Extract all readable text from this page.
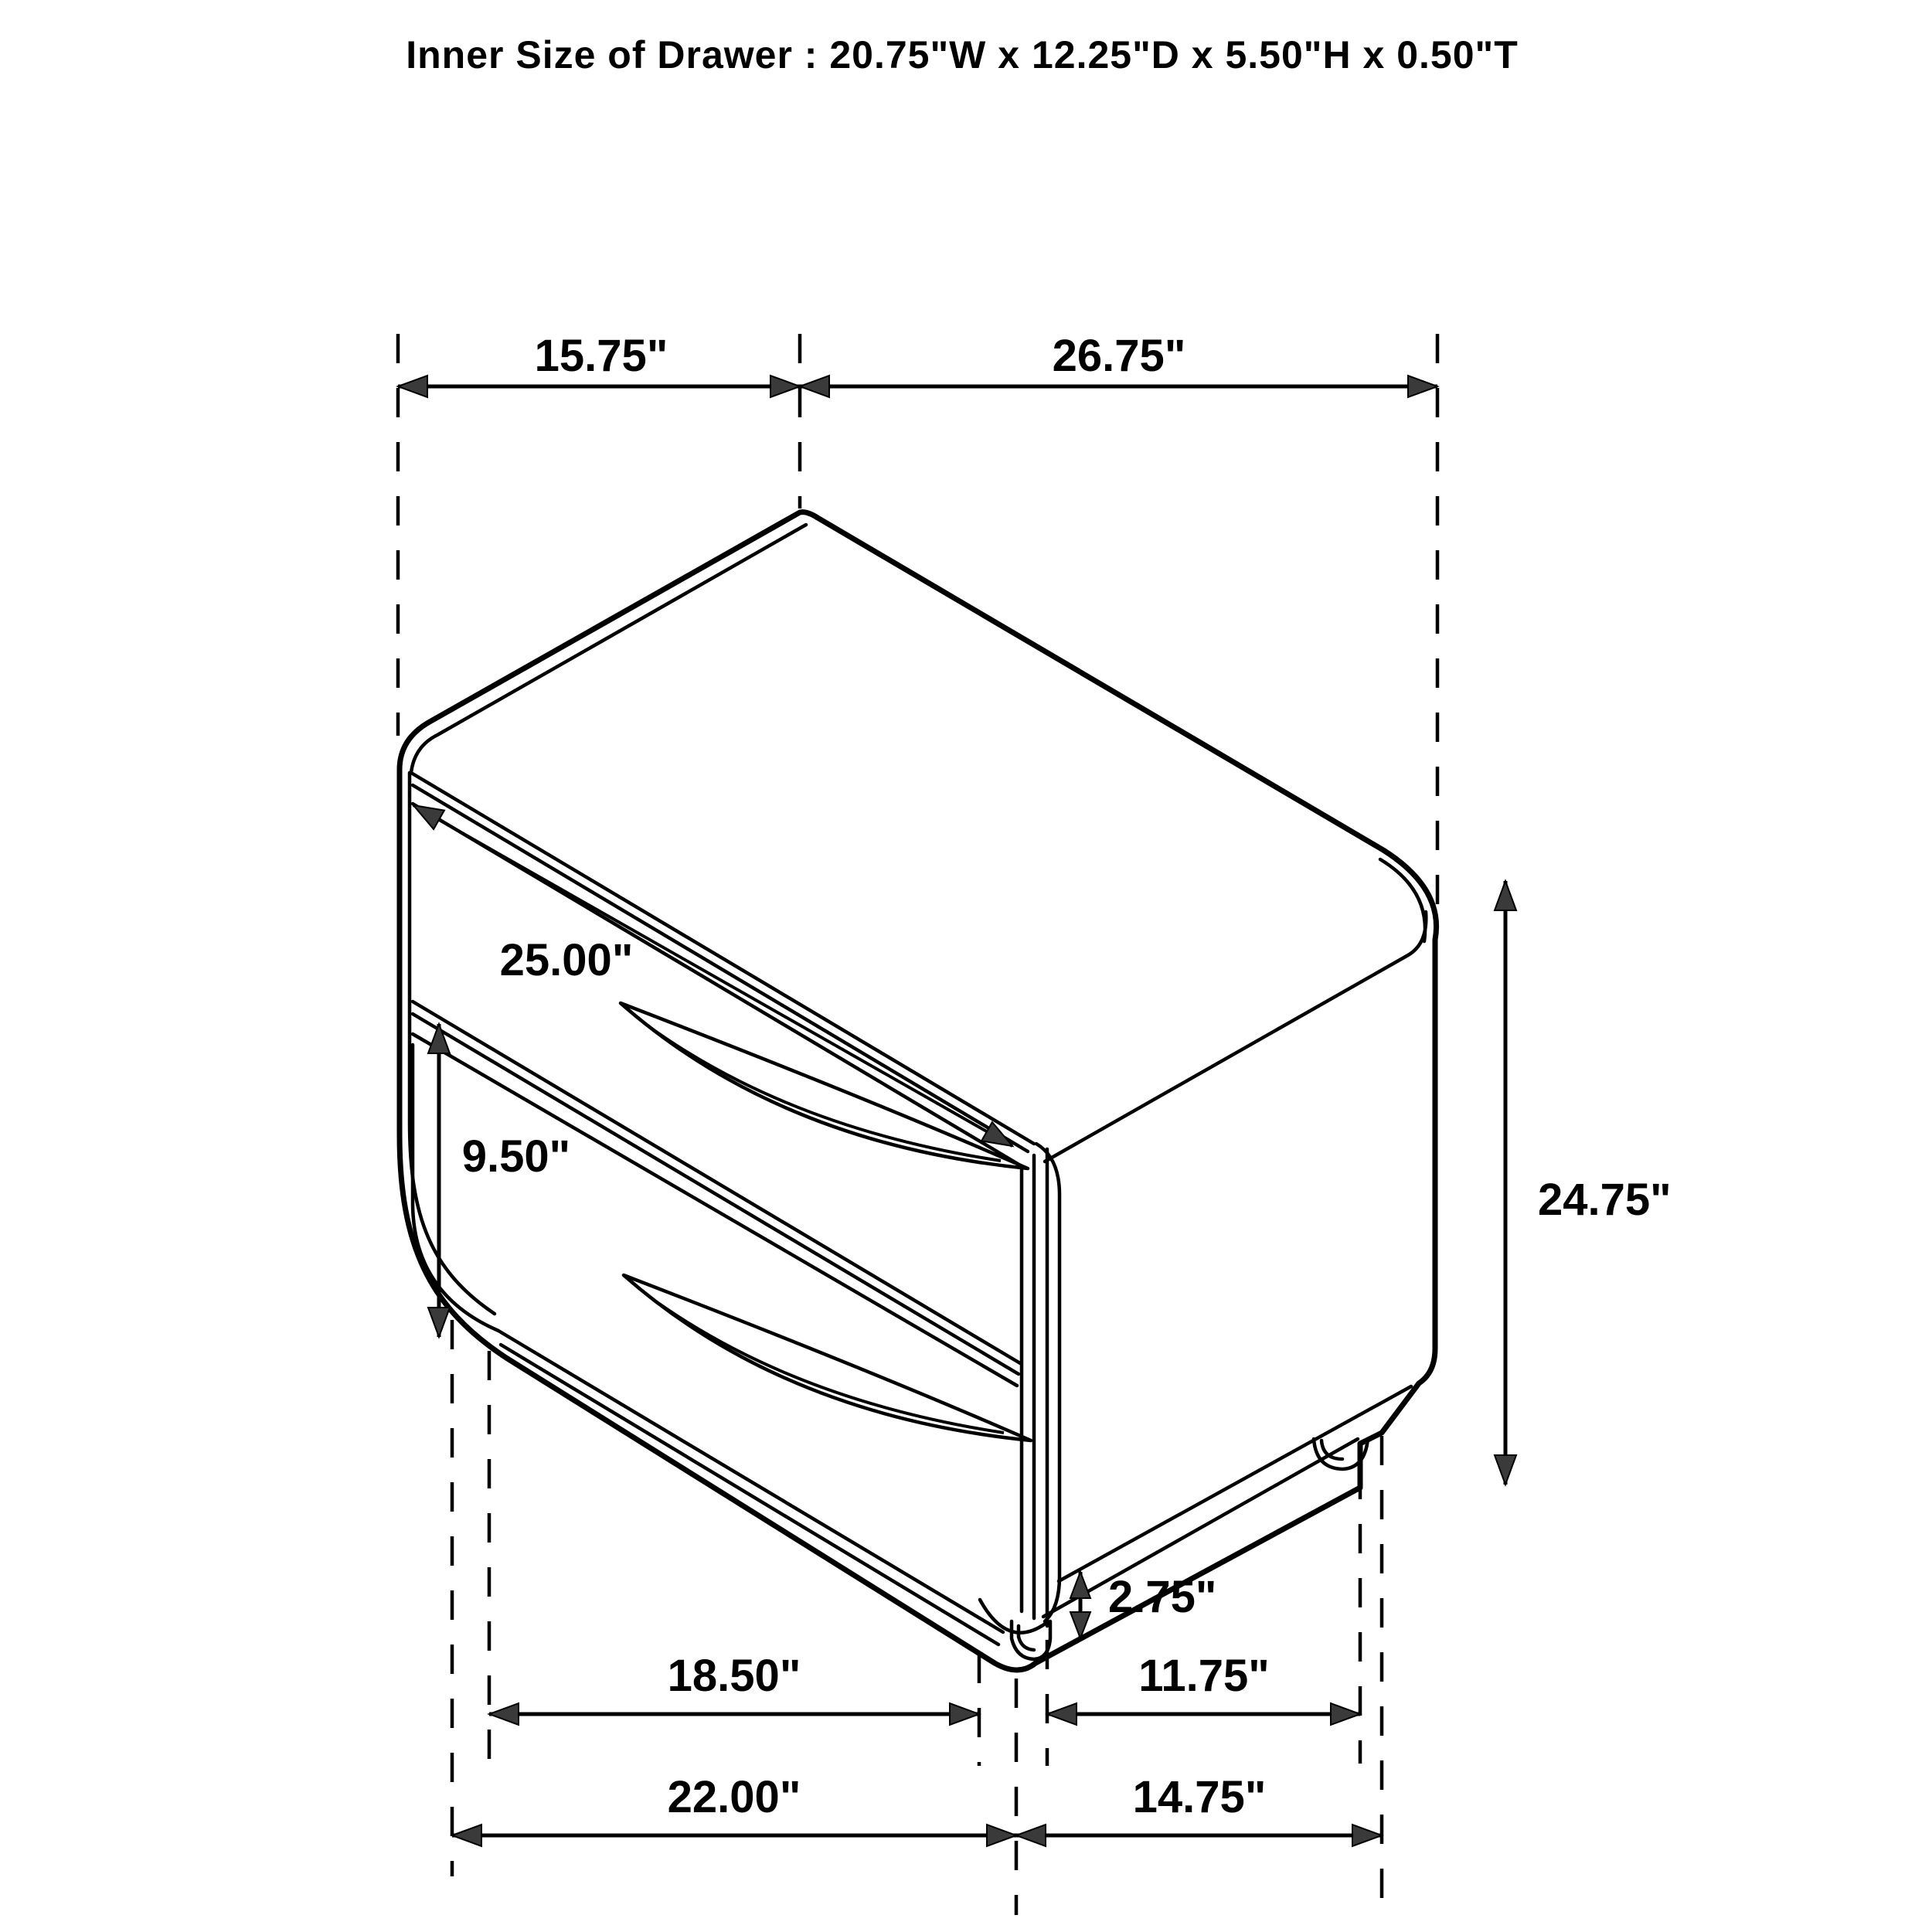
Inner Size of Drawer : 20.75"W x 12.25"D x 5.50"H x 0.50"T
15.75"	26.75"
25.00"
9.50"
24.75"
2.75"
18.50"	11.75"
22.00"	14.75"
